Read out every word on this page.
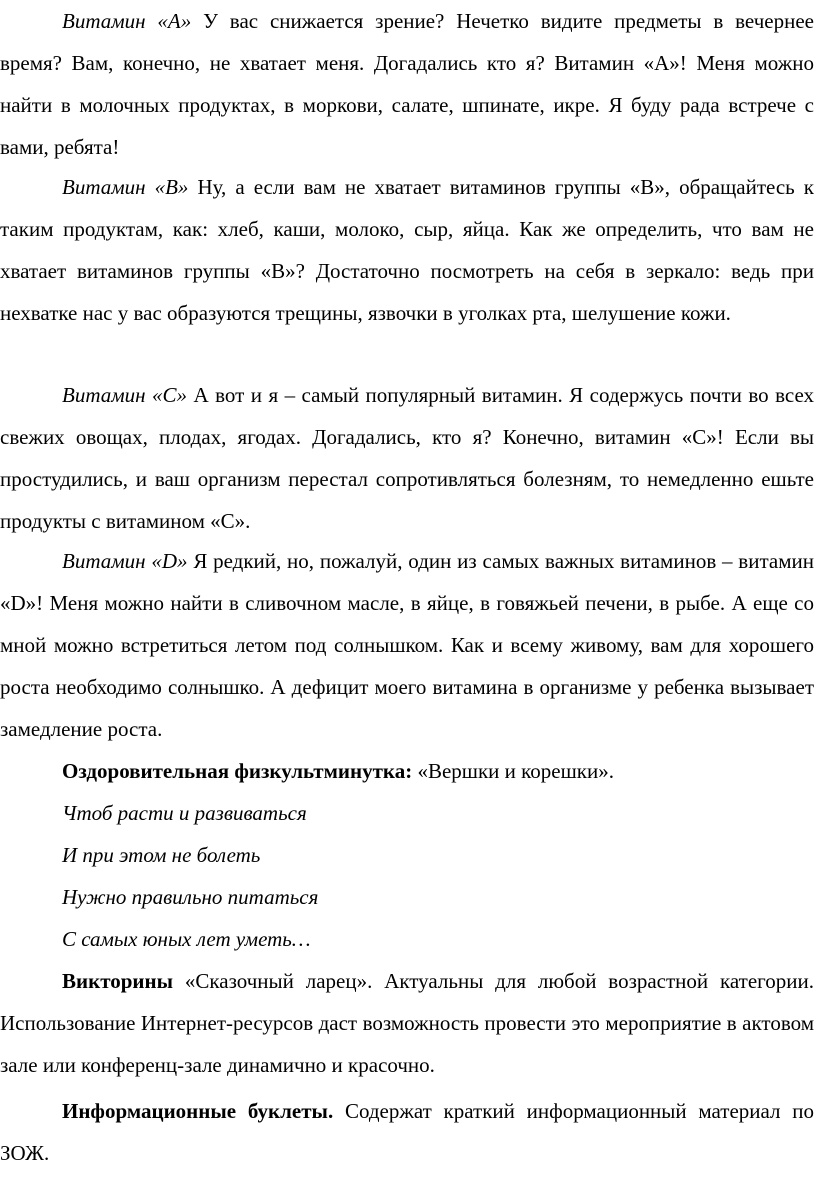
Витамин «А» У вас снижается зрение? Нечетко видите предметы в вечернее время? Вам, конечно, не хватает меня. Догадались кто я? Витамин «А»! Меня можно найти в молочных продуктах, в моркови, салате, шпинате, икре. Я буду рада встрече с вами, ребята!

Витамин «В» Ну, а если вам не хватает витаминов группы «В», обращайтесь к таким продуктам, как: хлеб, каши, молоко, сыр, яйца. Как же определить, что вам не хватает витаминов группы «В»? Достаточно посмотреть на себя в зеркало: ведь при нехватке нас у вас образуются трещины, язвочки в уголках рта, шелушение кожи.

Витамин «С» А вот и я – самый популярный витамин. Я содержусь почти во всех свежих овощах, плодах, ягодах. Догадались, кто я? Конечно, витамин «С»! Если вы простудились, и ваш организм перестал сопротивляться болезням, то немедленно ешьте продукты с витамином «С».

Витамин «D» Я редкий, но, пожалуй, один из самых важных витаминов – витамин «D»! Меня можно найти в сливочном масле, в яйце, в говяжьей печени, в рыбе. А еще со мной можно встретиться летом под солнышком. Как и всему живому, вам для хорошего роста необходимо солнышко. А дефицит моего витамина в организме у ребенка вызывает замедление роста.

Оздоровительная физкультминутка: «Вершки и корешки».

Чтоб расти и развиваться

И при этом не болеть

Нужно правильно питаться

С самых юных лет уметь…

Викторины «Сказочный ларец». Актуальны для любой возрастной категории. Использование Интернет-ресурсов даст возможность провести это мероприятие в актовом зале или конференц-зале динамично и красочно.

Информационные буклеты. Содержат краткий информационный материал по ЗОЖ.
